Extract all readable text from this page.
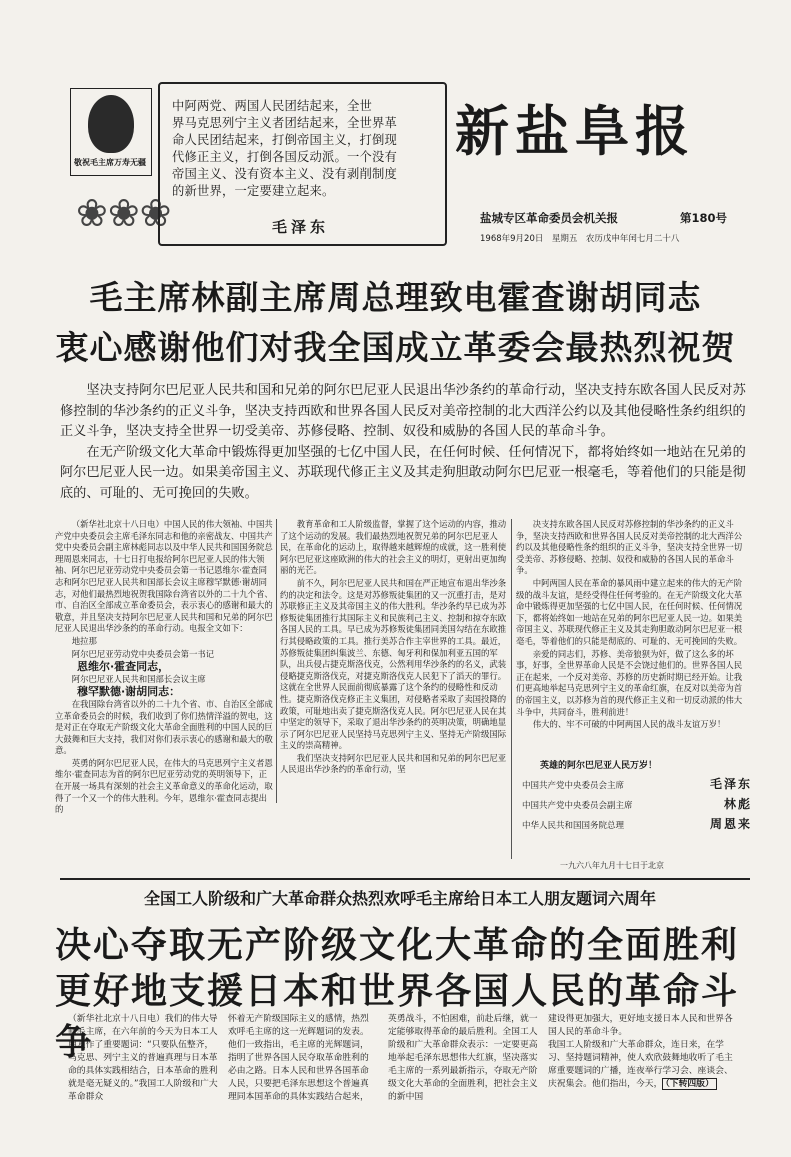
敬祝毛主席万寿无疆
❀❀❀
中阿两党、两国人民团结起来，全世
界马克思列宁主义者团结起来，全世界革
命人民团结起来，打倒帝国主义，打倒现
代修正主义，打倒各国反动派。一个没有
帝国主义、没有资本主义、没有剥削制度
的新世界，一定要建立起来。
毛泽东
新盐阜报
盐城专区革命委员会机关报	第180号
1968年9月20日　星期五　农历戊申年闰七月二十八
毛主席林副主席周总理致电霍查谢胡同志
衷心感谢他们对我全国成立革委会最热烈祝贺

坚决支持阿尔巴尼亚人民共和国和兄弟的阿尔巴尼亚人民退出华沙条约的革命行动，坚决支持东欧各国人民反对苏修控制的华沙条约的正义斗争，坚决支持西欧和世界各国人民反对美帝控制的北大西洋公约以及其他侵略性条约组织的正义斗争，坚决支持全世界一切受美帝、苏修侵略、控制、奴役和威胁的各国人民的革命斗争。

在无产阶级文化大革命中锻炼得更加坚强的七亿中国人民，在任何时候、任何情况下，都将始终如一地站在兄弟的阿尔巴尼亚人民一边。如果美帝国主义、苏联现代修正主义及其走狗胆敢动阿尔巴尼亚一根毫毛，等着他们的只能是彻底的、可耻的、无可挽回的失败。

（新华社北京十八日电）中国人民的伟大领袖、中国共产党中央委员会主席毛泽东同志和他的亲密战友、中国共产党中央委员会副主席林彪同志以及中华人民共和国国务院总理周恩来同志，十七日打电报给阿尔巴尼亚人民的伟大领袖、阿尔巴尼亚劳动党中央委员会第一书记恩维尔·霍查同志和阿尔巴尼亚人民共和国部长会议主席穆罕默德·谢胡同志，对他们最热烈地祝贺我国除台湾省以外的二十九个省、市、自治区全部成立革命委员会，表示衷心的感谢和最大的敬意，并且坚决支持阿尔巴尼亚人民共和国和兄弟的阿尔巴尼亚人民退出华沙条约的革命行动。电报全文如下：

地拉那

阿尔巴尼亚劳动党中央委员会第一书记

恩维尔·霍查同志，

阿尔巴尼亚人民共和国部长会议主席

穆罕默德·谢胡同志：

在我国除台湾省以外的二十九个省、市、自治区全部成立革命委员会的时候，我们收到了你们热情洋溢的贺电，这是对正在夺取无产阶级文化大革命全面胜利的中国人民的巨大鼓舞和巨大支持，我们对你们表示衷心的感谢和最大的敬意。

英勇的阿尔巴尼亚人民，在伟大的马克思列宁主义者恩维尔·霍查同志为首的阿尔巴尼亚劳动党的英明领导下，正在开展一场具有深刻的社会主义革命意义的革命化运动，取得了一个又一个的伟大胜利。今年，恩维尔·霍查同志提出的

教育革命和工人阶级监督，掌握了这个运动的内容，推动了这个运动的发展。我们最热烈地祝贺兄弟的阿尔巴尼亚人民，在革命化的运动上，取得越来越辉煌的成就，这一胜利使阿尔巴尼亚这座欧洲的伟大的社会主义的明灯，更射出更加绚丽的光芒。

前不久，阿尔巴尼亚人民共和国在严正地宣布退出华沙条约的决定和法令。这是对苏修叛徒集团的又一沉重打击，是对苏联修正主义及其帝国主义的伟大胜利。华沙条约早已成为苏修叛徒集团推行其国际主义和民族利己主义、控制和掠夺东欧各国人民的工具。早已成为苏修叛徒集团同美国勾结在东欧推行其侵略政策的工具。推行美苏合作主宰世界的工具。最近，苏修叛徒集团纠集波兰、东德、匈牙利和保加利亚五国的军队，出兵侵占捷克斯洛伐克，公然利用华沙条约的名义，武装侵略捷克斯洛伐克，对捷克斯洛伐克人民犯下了滔天的罪行。这就在全世界人民面前彻底暴露了这个条约的侵略性和反动性。捷克斯洛伐克修正主义集团，对侵略者采取了卖国投降的政策，可耻地出卖了捷克斯洛伐克人民。阿尔巴尼亚人民在其中坚定的领导下，采取了退出华沙条约的英明决策，明确地显示了阿尔巴尼亚人民坚持马克思列宁主义、坚持无产阶级国际主义的崇高精神。

我们坚决支持阿尔巴尼亚人民共和国和兄弟的阿尔巴尼亚人民退出华沙条约的革命行动，坚

决支持东欧各国人民反对苏修控制的华沙条约的正义斗争，坚决支持西欧和世界各国人民反对美帝控制的北大西洋公约以及其他侵略性条约组织的正义斗争，坚决支持全世界一切受美帝、苏修侵略、控制、奴役和威胁的各国人民的革命斗争。

中阿两国人民在革命的暴风雨中建立起来的伟大的无产阶级的战斗友谊，是经受得住任何考验的。在无产阶级文化大革命中锻炼得更加坚强的七亿中国人民，在任何时候、任何情况下，都将始终如一地站在兄弟的阿尔巴尼亚人民一边。如果美帝国主义、苏联现代修正主义及其走狗胆敢动阿尔巴尼亚一根毫毛，等着他们的只能是彻底的、可耻的、无可挽回的失败。

亲爱的同志们，苏修、美帝狼狈为奸，做了这么多的坏事，好事，全世界革命人民是不会饶过他们的。世界各国人民正在起来，一个反对美帝、苏修的历史新时期已经开始。让我们更高地举起马克思列宁主义的革命红旗，在反对以美帝为首的帝国主义，以苏修为首的现代修正主义和一切反动派的伟大斗争中，共同奋斗，胜利前进！

伟大的、牢不可破的中阿两国人民的战斗友谊万岁！

英雄的阿尔巴尼亚人民万岁！
中国共产党中央委员会主席	毛泽东
中国共产党中央委员会副主席	林彪
中华人民共和国国务院总理	周恩来
一九六八年九月十七日于北京
全国工人阶级和广大革命群众热烈欢呼毛主席给日本工人朋友题词六周年
决心夺取无产阶级文化大革命的全面胜利
更好地支援日本和世界各国人民的革命斗争

（新华社北京十八日电）我们的伟大导师毛主席，在六年前的今天为日本工人朋友作了重要题词：“只要队伍整齐，马克思、列宁主义的普遍真理与日本革命的具体实践相结合，日本革命的胜利就是毫无疑义的。”我国工人阶级和广大革命群众

怀着无产阶级国际主义的感情，热烈欢呼毛主席的这一光辉题词的发表。他们一致指出，毛主席的光辉题词，指明了世界各国人民夺取革命胜利的必由之路。日本人民和世界各国革命人民，只要把毛泽东思想这个普遍真理同本国革命的具体实践结合起来，

英勇战斗，不怕困难，前赴后继，就一定能够取得革命的最后胜利。全国工人阶级和广大革命群众表示：一定要更高地举起毛泽东思想伟大红旗，坚决落实毛主席的一系列最新指示，夺取无产阶级文化大革命的全面胜利，把社会主义的新中国

建设得更加强大，更好地支援日本人民和世界各国人民的革命斗争。

我国工人阶级和广大革命群众，连日来，在学习、坚持题词精神，使人欢欣鼓舞地收听了毛主席重要题词的广播，连夜举行学习会、座谈会、庆祝集会。他们指出，今天， （下转四版）
